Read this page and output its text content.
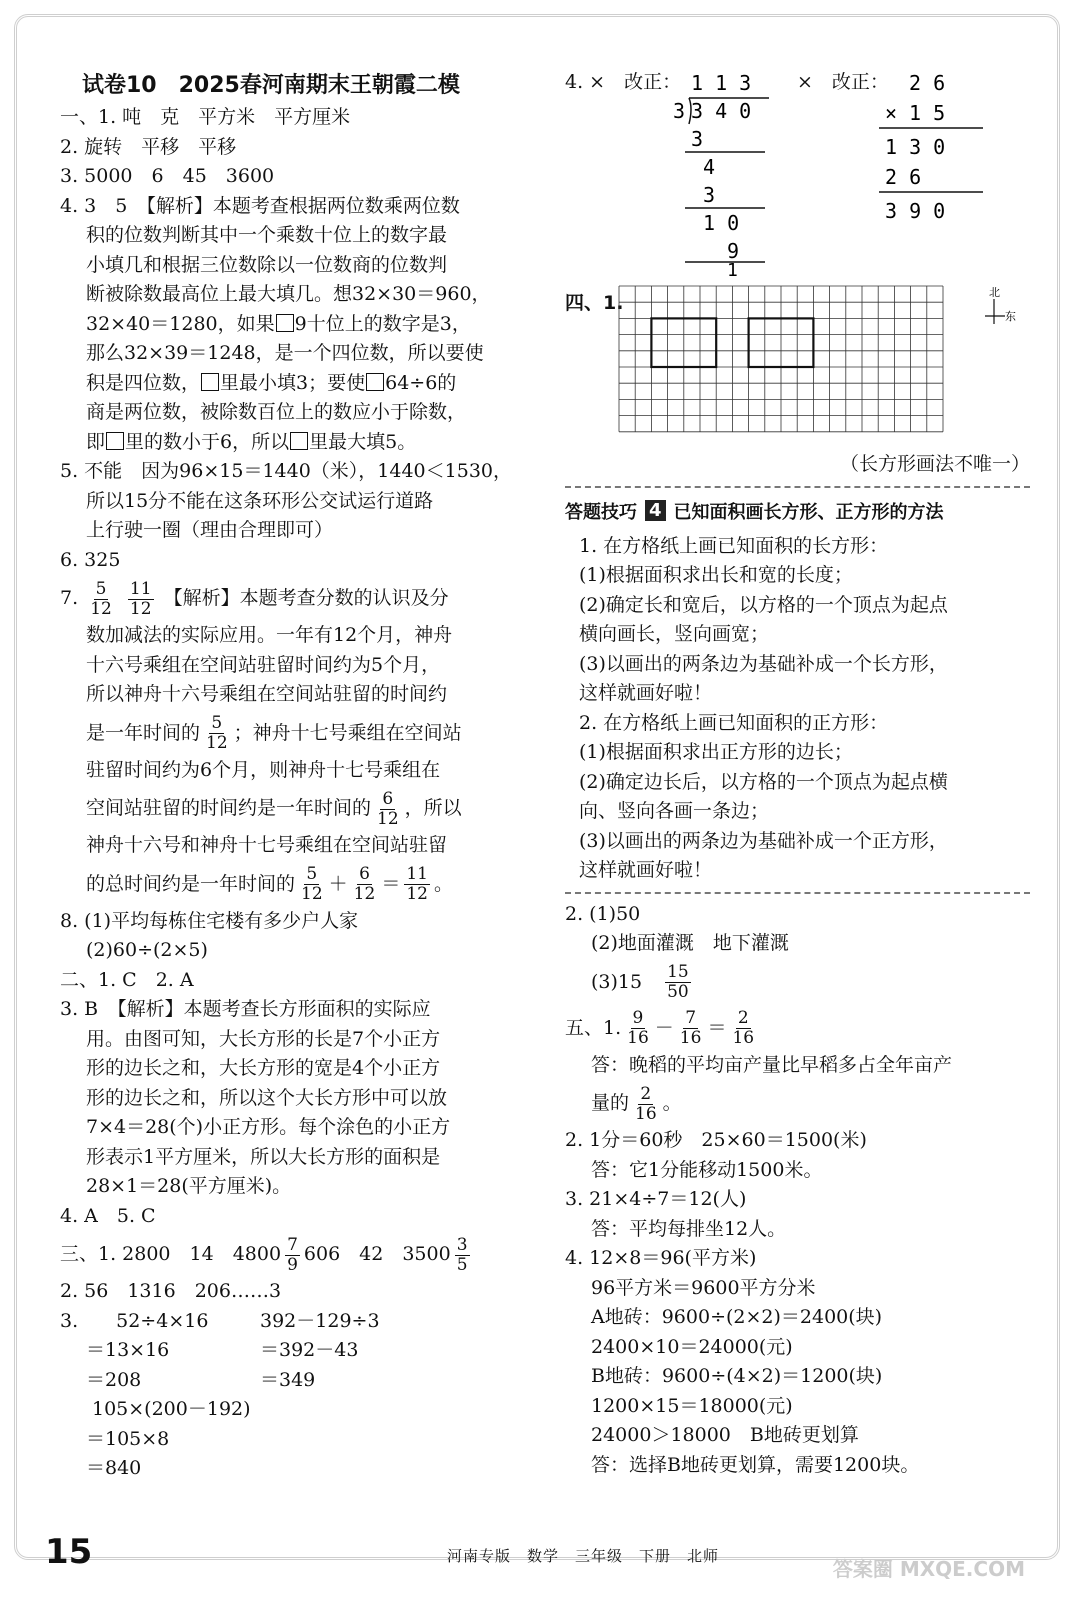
试卷10　2025春河南期末王朝霞二模
一、1. 吨　克　平方米　平方厘米
2. 旋转　平移　平移
3. 5000　6　45　3600
4. 3　5　【解析】本题考查根据两位数乘两位数
积的位数判断其中一个乘数十位上的数字最
小填几和根据三位数除以一位数商的位数判
断被除数最高位上最大填几。想32×30＝960，
32×40＝1280，如果 9十位上的数字是3，
那么32×39＝1248，是一个四位数，所以要使
积是四位数， 里最小填3；要使 64÷6的
商是两位数，被除数百位上的数应小于除数，
即 里的数小于6，所以 里最大填5。
5. 不能　因为96×15＝1440（米），1440＜1530，
所以15分不能在这条环形公交试运行道路
上行驶一圈（理由合理即可）
6. 325
7. $\frac{5}{12}$
$\frac{11}{12}$ 【解析】本题考查分数的认识及分
数加减法的实际应用。一年有12个月，神舟
十六号乘组在空间站驻留时间约为5个月，
所以神舟十六号乘组在空间站驻留的时间约
是一年时间的 $\frac{5}{12}$ ；神舟十七号乘组在空间站
驻留时间约为6个月，则神舟十七号乘组在
空间站驻留的时间约是一年时间的 $\frac{6}{12}$ ，所以
神舟十六号和神舟十七号乘组在空间站驻留
的总时间约是一年时间的 $\frac{5}{12} + \frac{6}{12} = \frac{11}{12}$ 。
8. (1)平均每栋住宅楼有多少户人家
(2)60÷(2×5)
二、1. C　2. A
3. B　【解析】本题考查长方形面积的实际应
用。由图可知，大长方形的长是7个小正方
形的边长之和，大长方形的宽是4个小正方
形的边长之和，所以这个大长方形中可以放
7×4＝28(个)小正方形。每个涂色的小正方
形表示1平方厘米，所以大长方形的面积是
28×1＝28(平方厘米)。
4. A　5. C
三、1. 2800　14　$4800 \frac{7}{9} 606$　42　$3500 \frac{3}{5}$
2. 56　1316　206……3
3.　　52÷4×16	392－129÷3
＝13×16	＝392－43
＝208	＝349
105×(200－192)
＝105×8
＝840
4. ×　改正： 1 1 3
3 3 4 0
3
4
3
1 0
9
1
×　改正： 2 6
× 1 5
1 3 0
2 6
3 9 0
四、1.	北
东
（长方形画法不唯一）
答题技巧 4 已知面积画长方形、正方形的方法
1. 在方格纸上画已知面积的长方形：
(1)根据面积求出长和宽的长度；
(2)确定长和宽后，以方格的一个顶点为起点
横向画长，竖向画宽；
(3)以画出的两条边为基础补成一个长方形，
这样就画好啦！
2. 在方格纸上画已知面积的正方形：
(1)根据面积求出正方形的边长；
(2)确定边长后，以方格的一个顶点为起点横
向、竖向各画一条边；
(3)以画出的两条边为基础补成一个正方形，
这样就画好啦！
2. (1)50
(2)地面灌溉　地下灌溉
(3)15　 $\frac{15}{50}$
五、1. $\frac{9}{16} - \frac{7}{16} = \frac{2}{16}$
答：晚稻的平均亩产量比早稻多占全年亩产
量的 $\frac{2}{16}$ 。
2. 1分＝60秒　25×60＝1500(米)
答：它1分能移动1500米。
3. 21×4÷7＝12(人)
答：平均每排坐12人。
4. 12×8＝96(平方米)
96平方米＝9600平方分米
A地砖：9600÷(2×2)＝2400(块)
2400×10＝24000(元)
B地砖：9600÷(4×2)＝1200(块)
1200×15＝18000(元)
24000＞18000　B地砖更划算
答：选择B地砖更划算，需要1200块。
15	河南专版　数学　三年级　下册　北师
答案圈 MXQE.COM
